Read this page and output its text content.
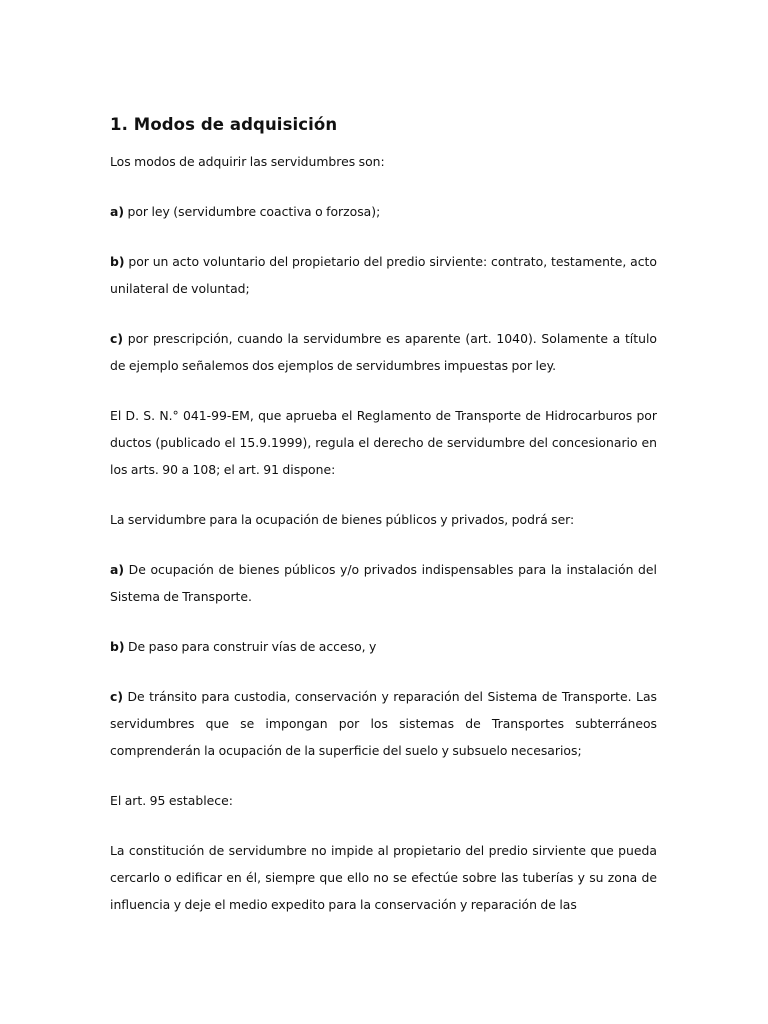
1. Modos de adquisición

Los modos de adquirir las servidumbres son:

a) por ley (servidumbre coactiva o forzosa);

b) por un acto voluntario del propietario del predio sirviente: contrato, testamente, acto unilateral de voluntad;

c) por prescripción, cuando la servidumbre es aparente (art. 1040). Solamente a título de ejemplo señalemos dos ejemplos de servidumbres impuestas por ley.

El D. S. N.° 041-99-EM, que aprueba el Reglamento de Transporte de Hidrocarburos por ductos (publicado el 15.9.1999), regula el derecho de servidumbre del concesionario en los arts. 90 a 108; el art. 91 dispone:

La servidumbre para la ocupación de bienes públicos y privados, podrá ser:

a) De ocupación de bienes públicos y/o privados indispensables para la instalación del Sistema de Transporte.

b) De paso para construir vías de acceso, y

c) De tránsito para custodia, conservación y reparación del Sistema de Transporte. Las servidumbres que se impongan por los sistemas de Transportes subterráneos comprenderán la ocupación de la superficie del suelo y subsuelo necesarios;

El art. 95 establece:

La constitución de servidumbre no impide al propietario del predio sirviente que pueda cercarlo o edificar en él, siempre que ello no se efectúe sobre las tuberías y su zona de influencia y deje el medio expedito para la conservación y reparación de las
